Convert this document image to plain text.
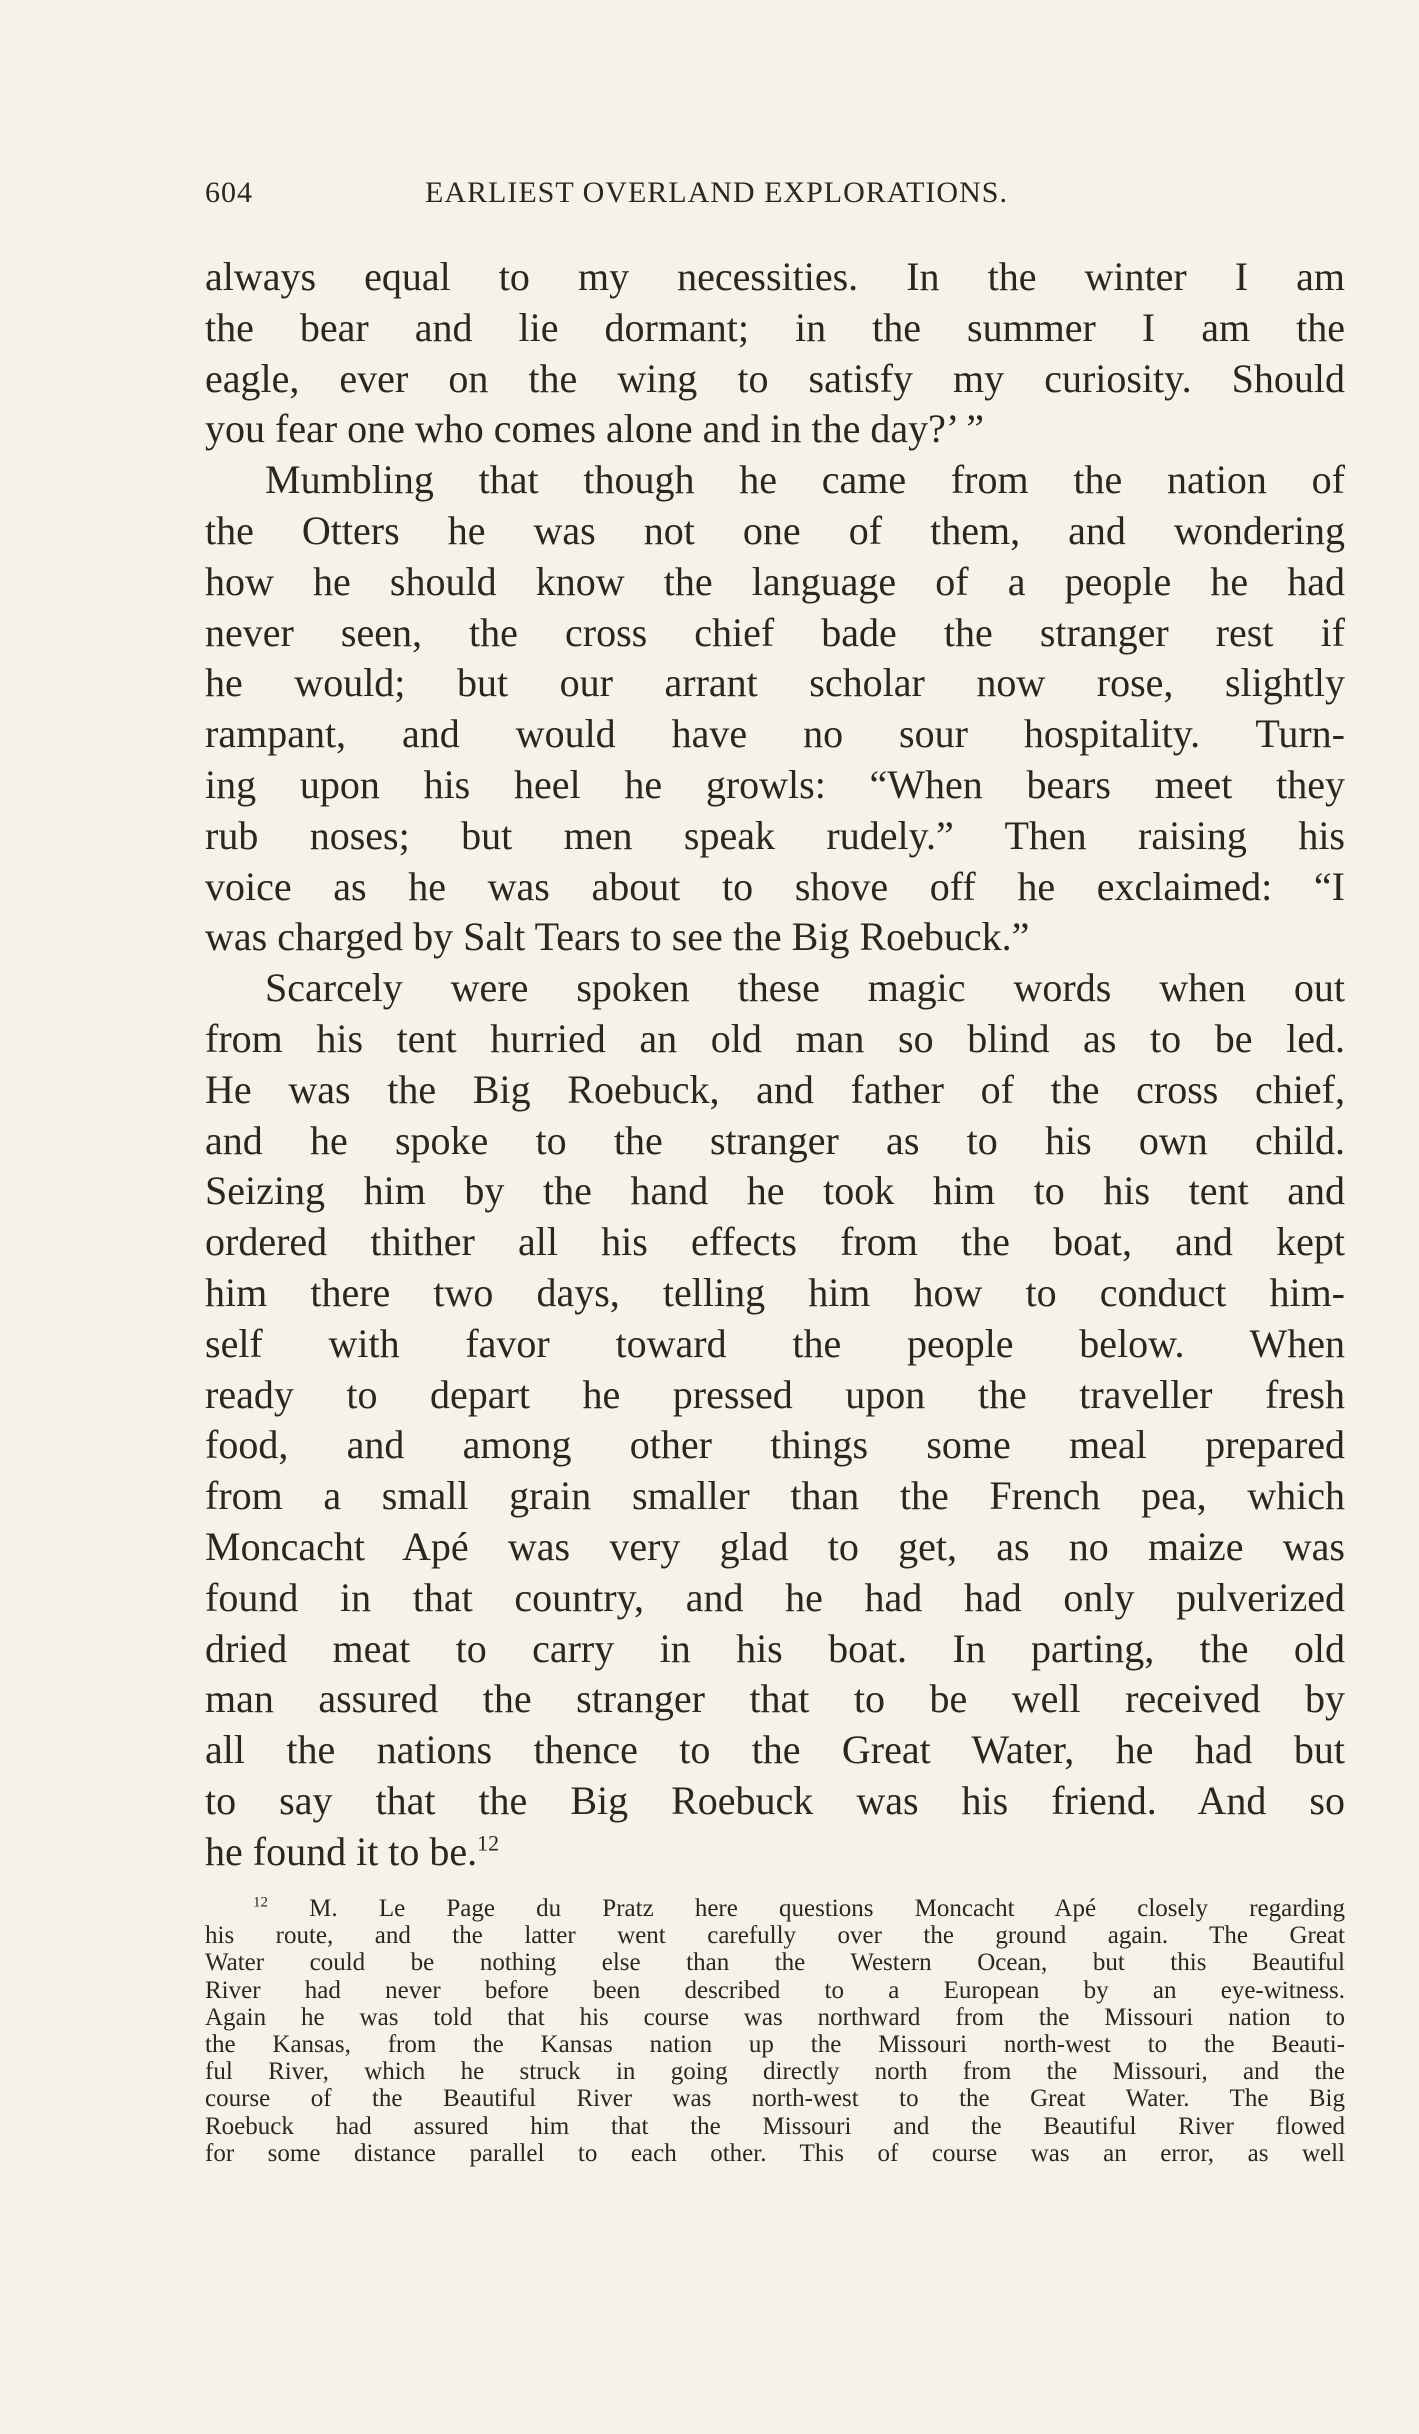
604	EARLIEST OVERLAND EXPLORATIONS.
always equal to my necessities. In the winter I am
the bear and lie dormant; in the summer I am the
eagle, ever on the wing to satisfy my curiosity. Should
you fear one who comes alone and in the day?’ ”
Mumbling that though he came from the nation of
the Otters he was not one of them, and wondering
how he should know the language of a people he had
never seen, the cross chief bade the stranger rest if
he would; but our arrant scholar now rose, slightly
rampant, and would have no sour hospitality. Turn-
ing upon his heel he growls: “When bears meet they
rub noses; but men speak rudely.” Then raising his
voice as he was about to shove off he exclaimed: “I
was charged by Salt Tears to see the Big Roebuck.”
Scarcely were spoken these magic words when out
from his tent hurried an old man so blind as to be led.
He was the Big Roebuck, and father of the cross chief,
and he spoke to the stranger as to his own child.
Seizing him by the hand he took him to his tent and
ordered thither all his effects from the boat, and kept
him there two days, telling him how to conduct him-
self with favor toward the people below. When
ready to depart he pressed upon the traveller fresh
food, and among other things some meal prepared
from a small grain smaller than the French pea, which
Moncacht Apé was very glad to get, as no maize was
found in that country, and he had had only pulverized
dried meat to carry in his boat. In parting, the old
man assured the stranger that to be well received by
all the nations thence to the Great Water, he had but
to say that the Big Roebuck was his friend. And so
he found it to be.$^{12}$
$^{12}$ M. Le Page du Pratz here questions Moncacht Apé closely regarding
his route, and the latter went carefully over the ground again. The Great
Water could be nothing else than the Western Ocean, but this Beautiful
River had never before been described to a European by an eye-witness.
Again he was told that his course was northward from the Missouri nation to
the Kansas, from the Kansas nation up the Missouri north-west to the Beauti-
ful River, which he struck in going directly north from the Missouri, and the
course of the Beautiful River was north-west to the Great Water. The Big
Roebuck had assured him that the Missouri and the Beautiful River flowed
for some distance parallel to each other. This of course was an error, as well
